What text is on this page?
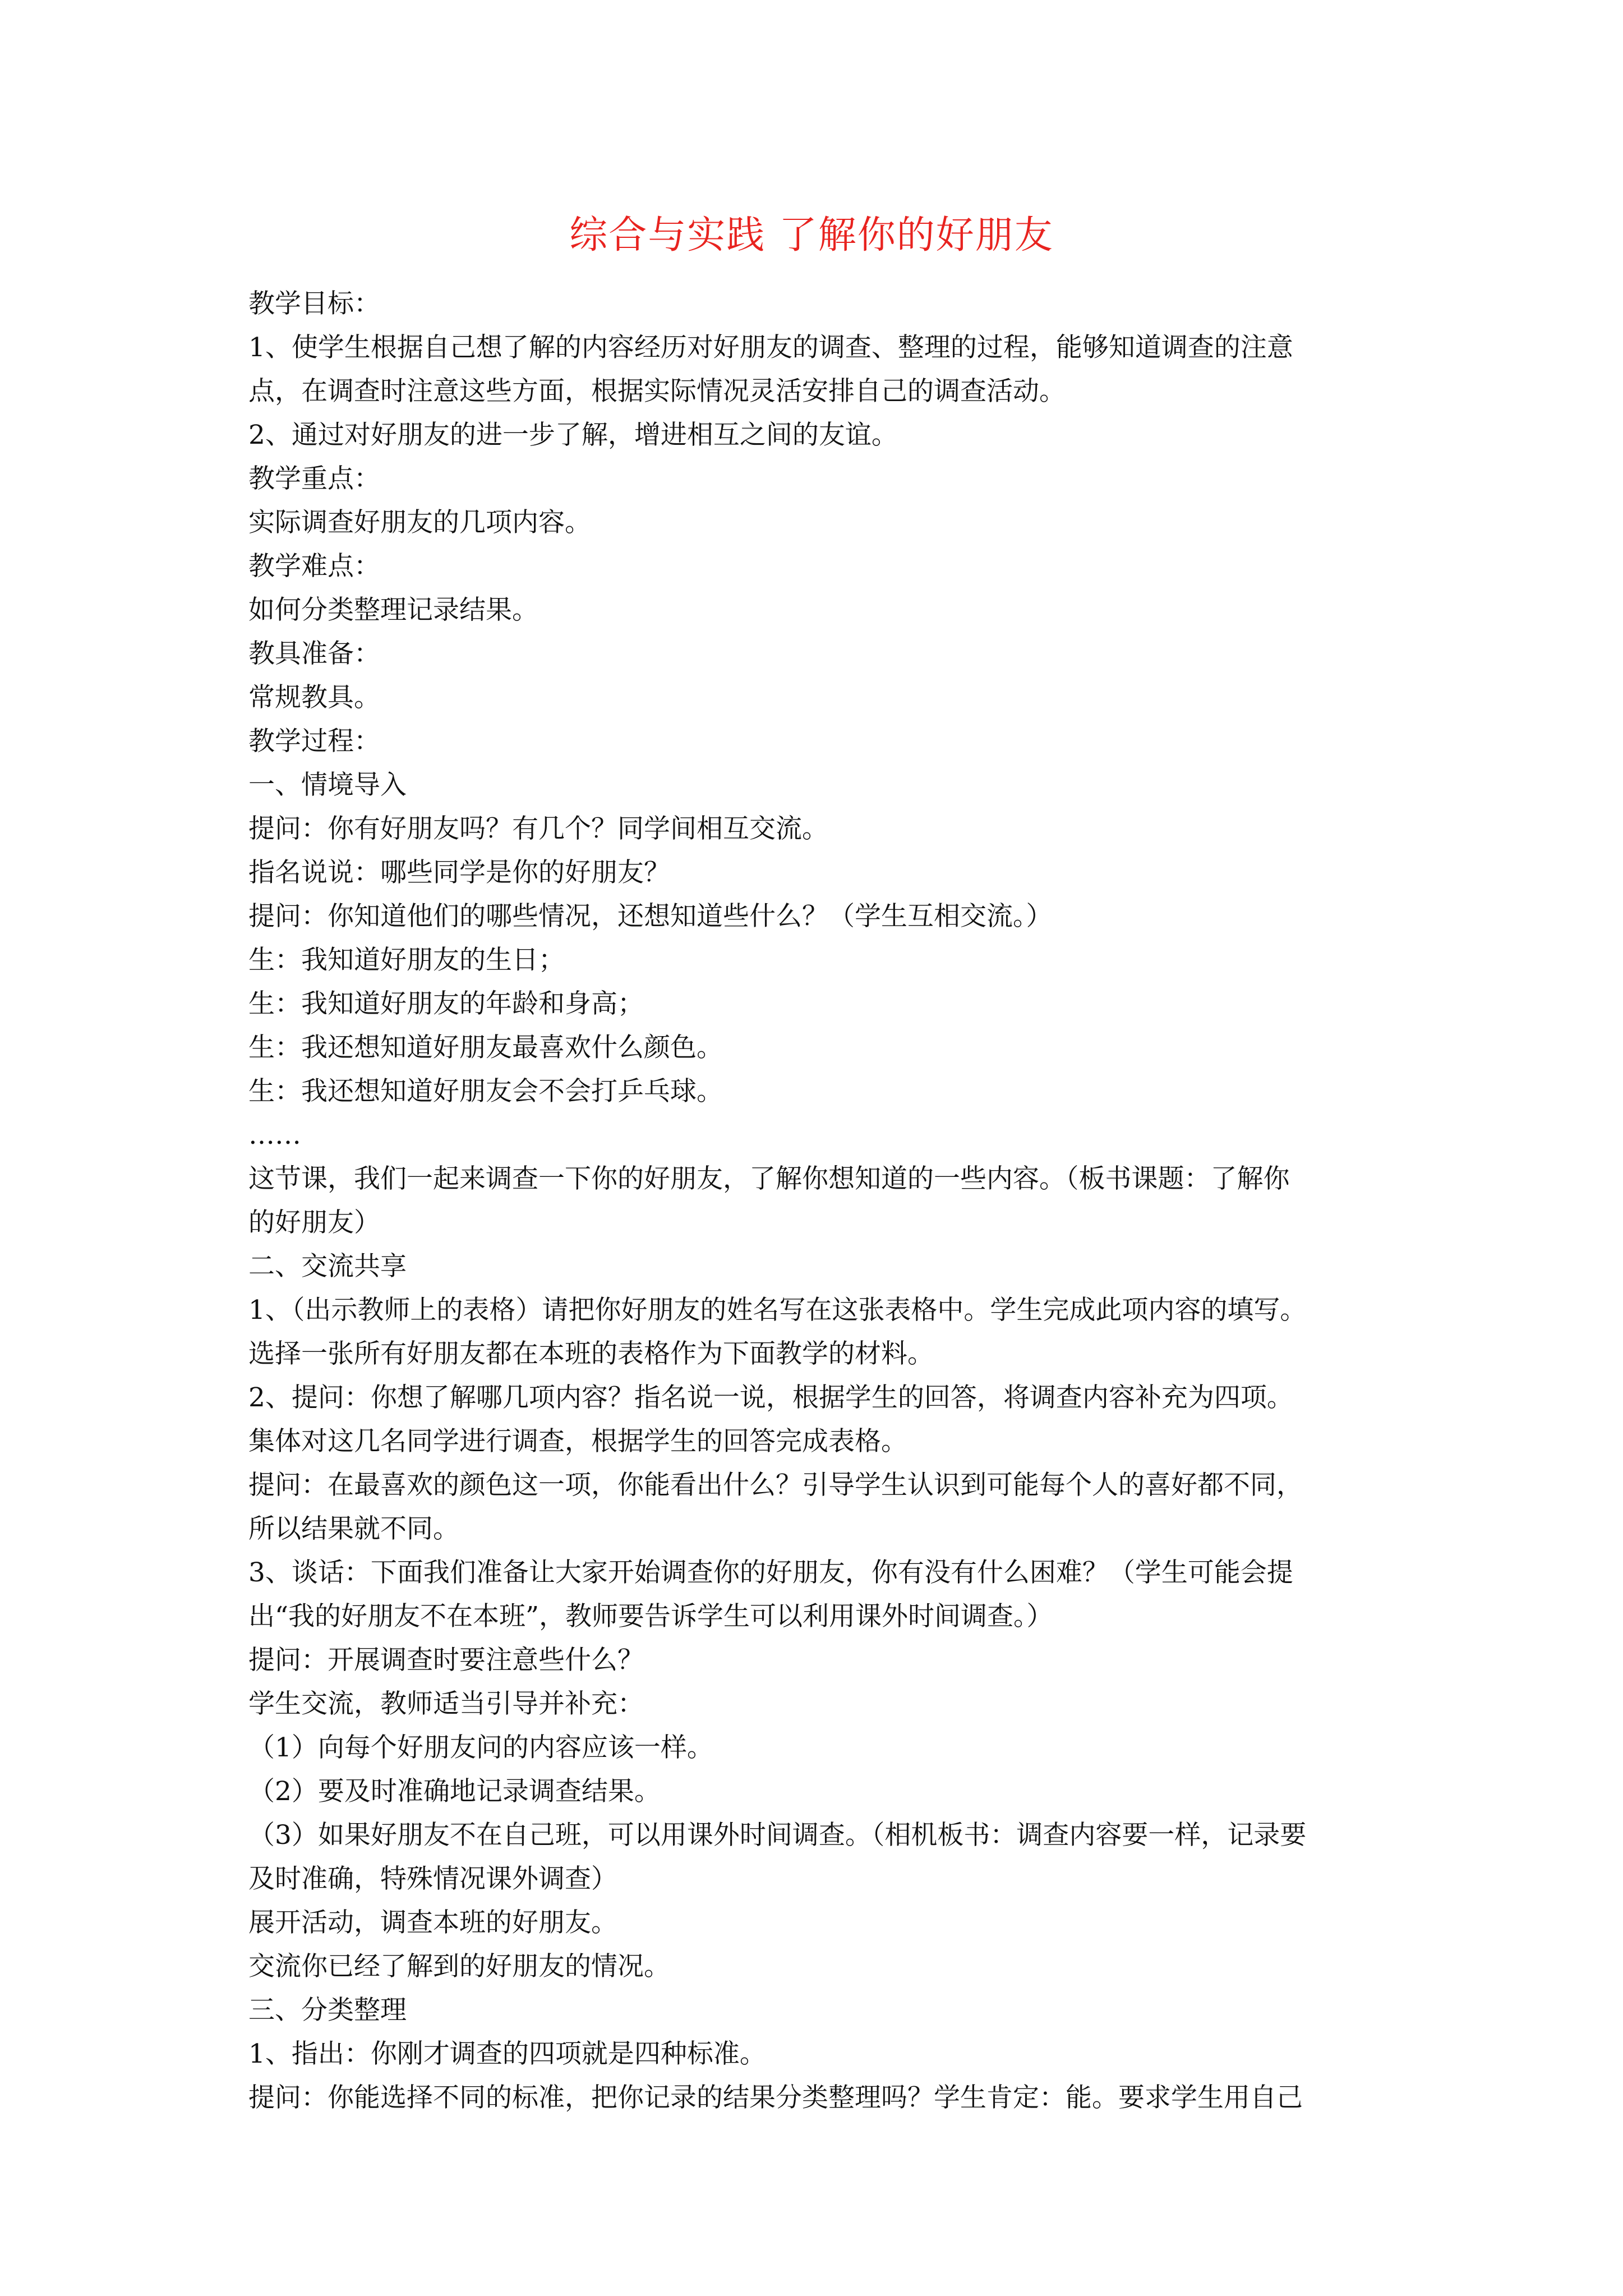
综合与实践 了解你的好朋友

教学目标：

1、使学生根据自己想了解的内容经历对好朋友的调查、整理的过程，能够知道调查的注意

点，在调查时注意这些方面，根据实际情况灵活安排自己的调查活动。

2、通过对好朋友的进一步了解，增进相互之间的友谊。

教学重点：

实际调查好朋友的几项内容。

教学难点：

如何分类整理记录结果。

教具准备：

常规教具。

教学过程：

一、情境导入

提问：你有好朋友吗？有几个？同学间相互交流。

指名说说：哪些同学是你的好朋友？

提问：你知道他们的哪些情况，还想知道些什么？（学生互相交流。）

生：我知道好朋友的生日；

生：我知道好朋友的年龄和身高；

生：我还想知道好朋友最喜欢什么颜色。

生：我还想知道好朋友会不会打乒乓球。

……

这节课，我们一起来调查一下你的好朋友，了解你想知道的一些内容。（板书课题：了解你

的好朋友）

二、交流共享

1、（出示教师上的表格）请把你好朋友的姓名写在这张表格中。学生完成此项内容的填写。

选择一张所有好朋友都在本班的表格作为下面教学的材料。

2、提问：你想了解哪几项内容？指名说一说，根据学生的回答，将调查内容补充为四项。

集体对这几名同学进行调查，根据学生的回答完成表格。

提问：在最喜欢的颜色这一项，你能看出什么？引导学生认识到可能每个人的喜好都不同，

所以结果就不同。

3、谈话：下面我们准备让大家开始调查你的好朋友，你有没有什么困难？（学生可能会提

出“我的好朋友不在本班”，教师要告诉学生可以利用课外时间调查。）

提问：开展调查时要注意些什么？

学生交流，教师适当引导并补充：

（1）向每个好朋友问的内容应该一样。

（2）要及时准确地记录调查结果。

（3）如果好朋友不在自己班，可以用课外时间调查。（相机板书：调查内容要一样，记录要

及时准确，特殊情况课外调查）

展开活动，调查本班的好朋友。

交流你已经了解到的好朋友的情况。

三、分类整理

1、指出：你刚才调查的四项就是四种标准。

提问：你能选择不同的标准，把你记录的结果分类整理吗？学生肯定：能。要求学生用自己
